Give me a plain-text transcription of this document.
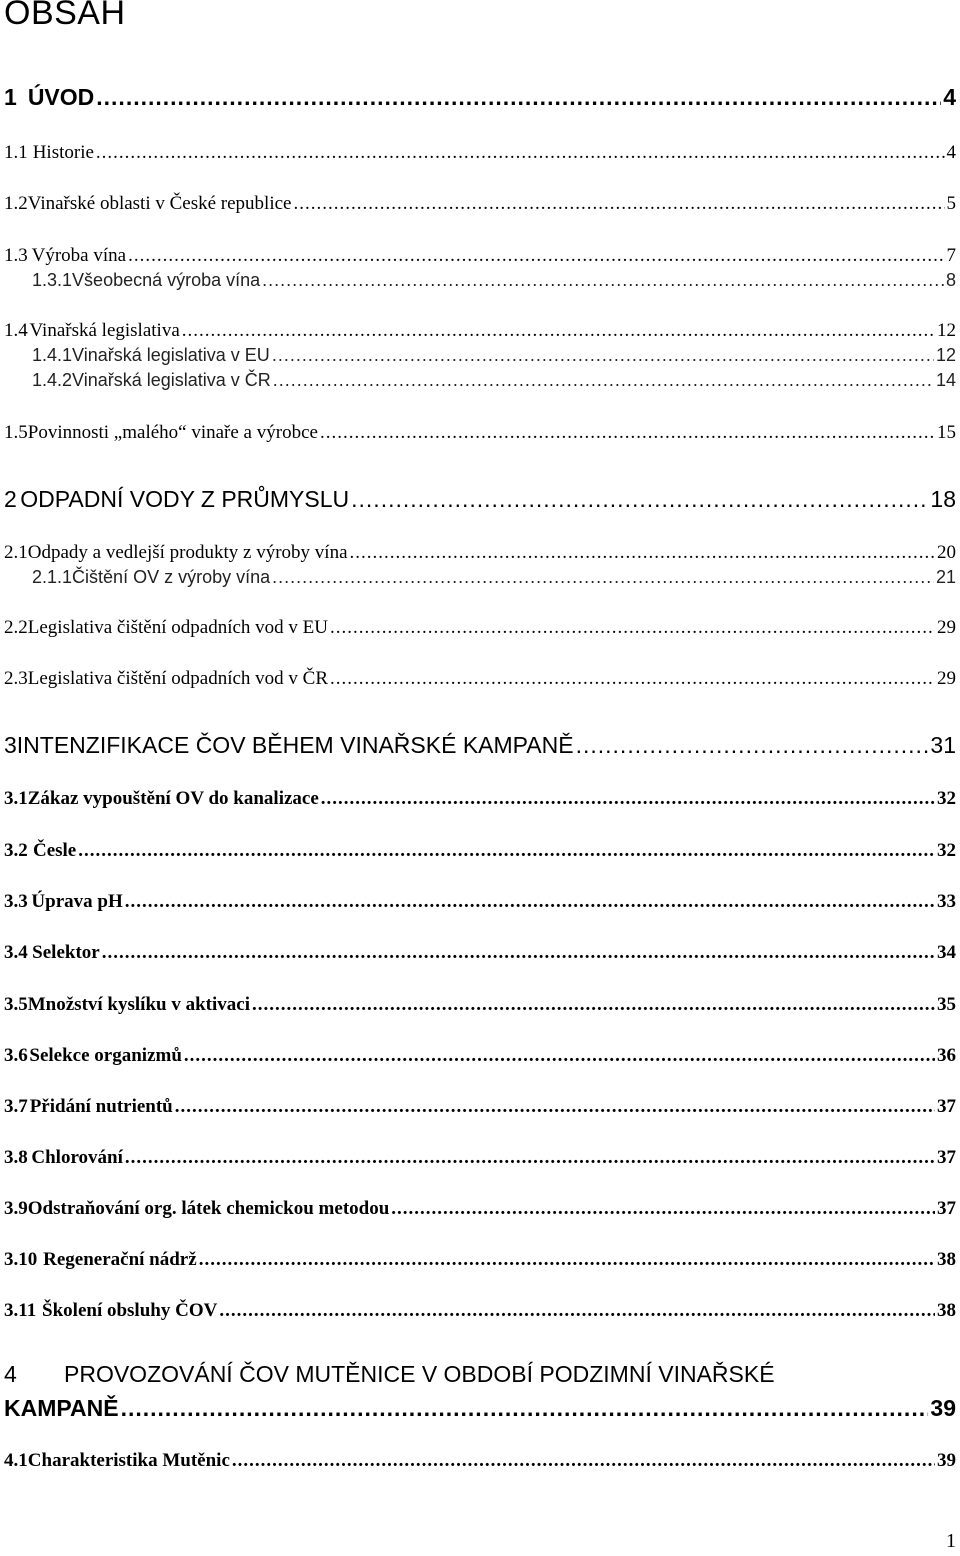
OBSAH
1 ÚVOD .....	4
1.1 Historie .....	4
1.2 Vinařské oblasti v České republice .....	5
1.3 Výroba vína .....	7
1.3.1 Všeobecná výroba vína .....	8
1.4 Vinařská legislativa .....	12
1.4.1 Vinařská legislativa v EU .....	12
1.4.2 Vinařská legislativa v ČR .....	14
1.5 Povinnosti „malého“ vinaře a výrobce .....	15
2 ODPADNÍ VODY Z PRŮMYSLU .....	18
2.1 Odpady a vedlejší produkty z výroby vína .....	20
2.1.1 Čištění OV z výroby vína .....	21
2.2 Legislativa čištění odpadních vod v EU .....	29
2.3 Legislativa čištění odpadních vod v ČR .....	29
3 INTENZIFIKACE ČOV BĚHEM VINAŘSKÉ KAMPANĚ .....	31
3.1 Zákaz vypouštění OV do kanalizace .....	32
3.2 Česle .....	32
3.3 Úprava pH .....	33
3.4 Selektor .....	34
3.5 Množství kyslíku v aktivaci .....	35
3.6 Selekce organizmů .....	36
3.7 Přidání nutrientů .....	37
3.8 Chlorování .....	37
3.9 Odstraňování org. látek chemickou metodou .....	37
3.10 Regenerační nádrž .....	38
3.11 Školení obsluhy ČOV .....	38
4 PROVOZOVÁNÍ ČOV MUTĚNICE V OBDOBÍ PODZIMNÍ VINAŘSKÉ
KAMPANĚ .....	39
4.1 Charakteristika Mutěnic .....	39
1
